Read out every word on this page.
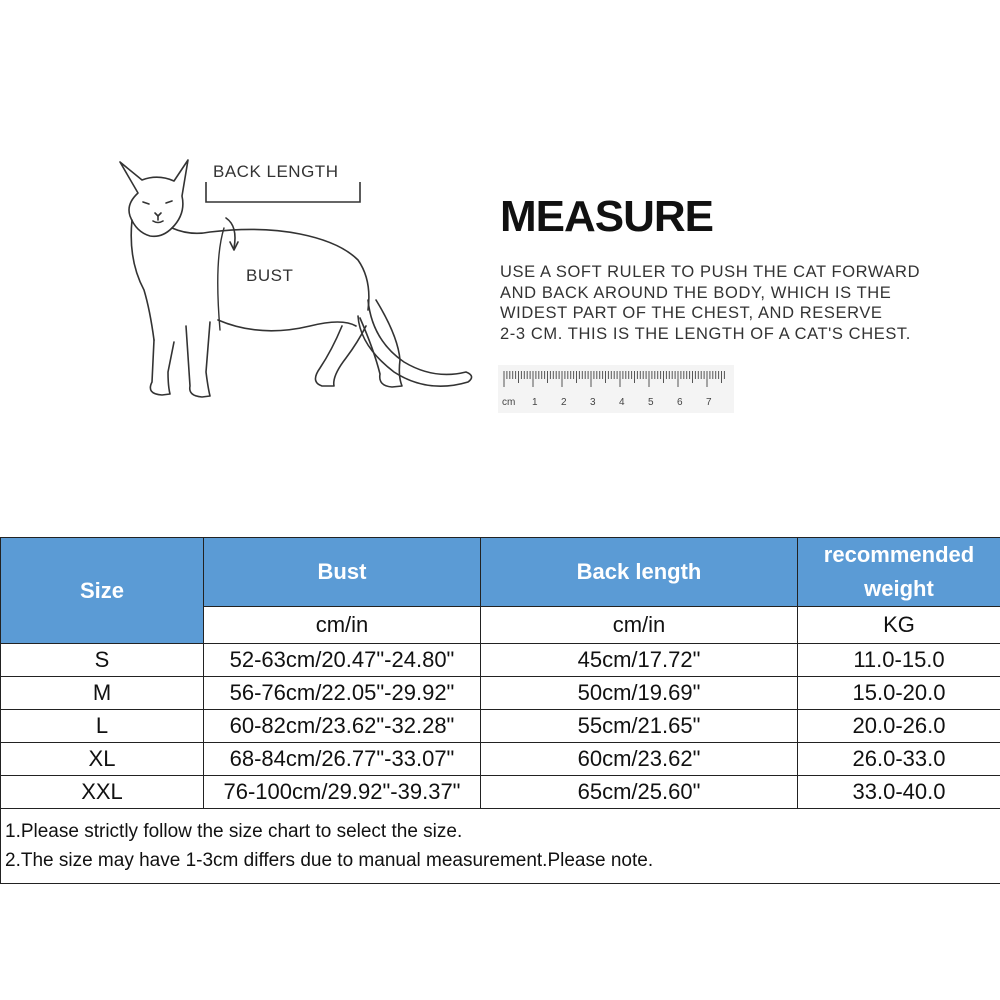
BACK LENGTH
BUST
MEASURE
USE A SOFT RULER TO PUSH THE CAT FORWARD
AND BACK AROUND THE BODY, WHICH IS THE
WIDEST PART OF THE CHEST, AND RESERVE
2-3 CM. THIS IS THE LENGTH OF A CAT'S CHEST.
cm 1 2 3 4 5 6 7
Size	Bust	Back length	recommended
weight
	cm/in	cm/in	KG
S	52-63cm/20.47"-24.80"	45cm/17.72"	11.0-15.0
M	56-76cm/22.05"-29.92"	50cm/19.69"	15.0-20.0
L	60-82cm/23.62"-32.28"	55cm/21.65"	20.0-26.0
XL	68-84cm/26.77"-33.07"	60cm/23.62"	26.0-33.0
XXL	76-100cm/29.92"-39.37"	65cm/25.60"	33.0-40.0

1.Please strictly follow the size chart to select the size.
2.The size may have 1-3cm differs due to manual measurement.Please note.			
